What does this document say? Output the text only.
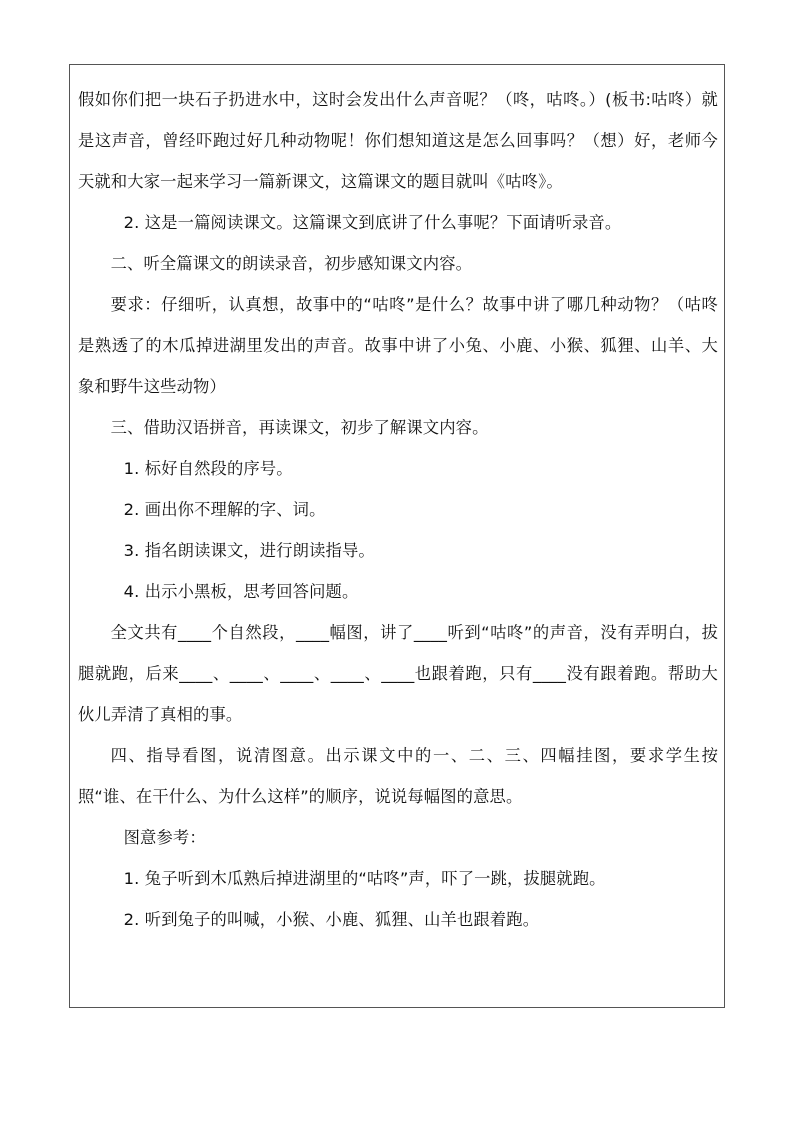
假如你们把一块石子扔进水中，这时会发出什么声音呢？（咚，咕咚。）(板书:咕咚）就是这声音，曾经吓跑过好几种动物呢！你们想知道这是怎么回事吗？（想）好，老师今天就和大家一起来学习一篇新课文，这篇课文的题目就叫《咕咚》。

2. 这是一篇阅读课文。这篇课文到底讲了什么事呢？下面请听录音。

二、听全篇课文的朗读录音，初步感知课文内容。

要求：仔细听，认真想，故事中的“咕咚”是什么？故事中讲了哪几种动物？（咕咚是熟透了的木瓜掉进湖里发出的声音。故事中讲了小兔、小鹿、小猴、狐狸、山羊、大象和野牛这些动物）

三、借助汉语拼音，再读课文，初步了解课文内容。

1. 标好自然段的序号。

2. 画出你不理解的字、词。

3. 指名朗读课文，进行朗读指导。

4. 出示小黑板，思考回答问题。

全文共有____个自然段，____幅图，讲了____听到“咕咚”的声音，没有弄明白，拔腿就跑，后来____、____、____、____、____也跟着跑，只有____没有跟着跑。帮助大伙儿弄清了真相的事。

四、指导看图，说清图意。出示课文中的一、二、三、四幅挂图，要求学生按照“谁、在干什么、为什么这样”的顺序，说说每幅图的意思。

图意参考：

1. 兔子听到木瓜熟后掉进湖里的“咕咚”声，吓了一跳，拔腿就跑。

2. 听到兔子的叫喊，小猴、小鹿、狐狸、山羊也跟着跑。
